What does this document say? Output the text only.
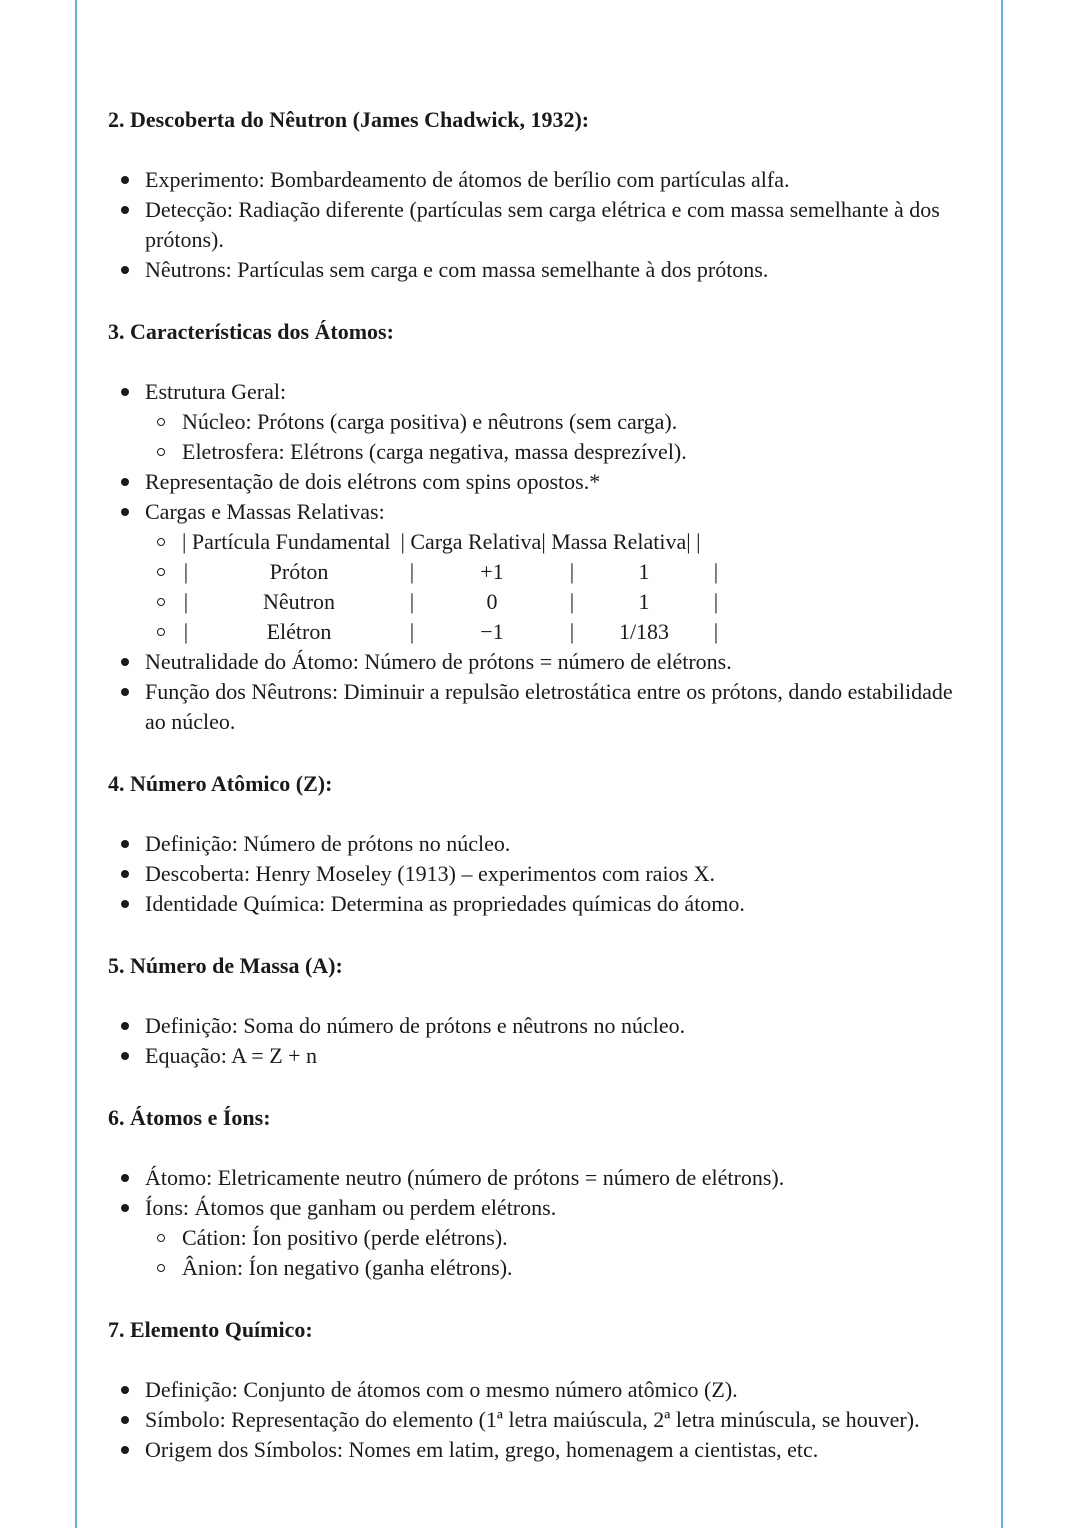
2. Descoberta do Nêutron (James Chadwick, 1932):
Experimento: Bombardeamento de átomos de berílio com partículas alfa.
Detecção: Radiação diferente (partículas sem carga elétrica e com massa semelhante à dos prótons).
Nêutrons: Partículas sem carga e com massa semelhante à dos prótons.
3. Características dos Átomos:
Estrutura Geral:
Núcleo: Prótons (carga positiva) e nêutrons (sem carga).
Eletrosfera: Elétrons (carga negativa, massa desprezível).
Representação de dois elétrons com spins opostos.*
Cargas e Massas Relativas:
| Partícula Fundamental | Carga Relativa | Massa Relativa | |
|	Próton	|	+1	|	1	|
|	Nêutron	|	0	|	1	|
|	Elétron	|	−1	|	1/183	|
Neutralidade do Átomo: Número de prótons = número de elétrons.
Função dos Nêutrons: Diminuir a repulsão eletrostática entre os prótons, dando estabilidade ao núcleo.
4. Número Atômico (Z):
Definição: Número de prótons no núcleo.
Descoberta: Henry Moseley (1913) – experimentos com raios X.
Identidade Química: Determina as propriedades químicas do átomo.
5. Número de Massa (A):
Definição: Soma do número de prótons e nêutrons no núcleo.
Equação: A = Z + n
6. Átomos e Íons:
Átomo: Eletricamente neutro (número de prótons = número de elétrons).
Íons: Átomos que ganham ou perdem elétrons.
Cátion: Íon positivo (perde elétrons).
Ânion: Íon negativo (ganha elétrons).
7. Elemento Químico:
Definição: Conjunto de átomos com o mesmo número atômico (Z).
Símbolo: Representação do elemento (1ª letra maiúscula, 2ª letra minúscula, se houver).
Origem dos Símbolos: Nomes em latim, grego, homenagem a cientistas, etc.
